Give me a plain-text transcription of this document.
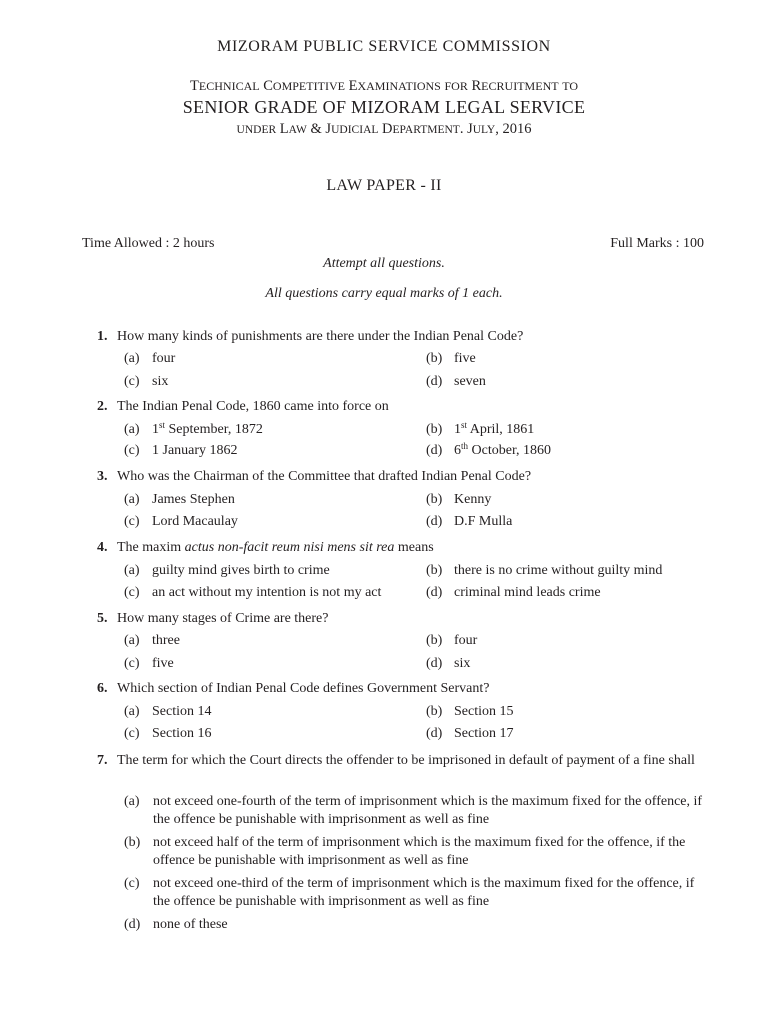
MIZORAM PUBLIC SERVICE COMMISSION
TECHNICAL COMPETITIVE EXAMINATIONS FOR RECRUITMENT TO
SENIOR GRADE OF MIZORAM LEGAL SERVICE
UNDER LAW & JUDICIAL DEPARTMENT. JULY, 2016
LAW PAPER - II
Time Allowed : 2 hours	Full Marks : 100
Attempt all questions.
All questions carry equal marks of 1 each.
1. How many kinds of punishments are there under the Indian Penal Code?
(a) four	(b) five
(c) six	(d) seven
2. The Indian Penal Code, 1860 came into force on
(a) 1st September, 1872	(b) 1st April, 1861
(c) 1 January 1862	(d) 6th October, 1860
3. Who was the Chairman of the Committee that drafted Indian Penal Code?
(a) James Stephen	(b) Kenny
(c) Lord Macaulay	(d) D.F Mulla
4. The maxim actus non-facit reum nisi mens sit rea means
(a) guilty mind gives birth to crime	(b) there is no crime without guilty mind
(c) an act without my intention is not my act	(d) criminal mind leads crime
5. How many stages of Crime are there?
(a) three	(b) four
(c) five	(d) six
6. Which section of Indian Penal Code defines Government Servant?
(a) Section 14	(b) Section 15
(c) Section 16	(d) Section 17
7. The term for which the Court directs the offender to be imprisoned in default of payment of a fine shall
(a) not exceed one-fourth of the term of imprisonment which is the maximum fixed for the offence, if the offence be punishable with imprisonment as well as fine
(b) not exceed half of the term of imprisonment which is the maximum fixed for the offence, if the offence be punishable with imprisonment as well as fine
(c) not exceed one-third of the term of imprisonment which is the maximum fixed for the offence, if the offence be punishable with imprisonment as well as fine
(d) none of these
